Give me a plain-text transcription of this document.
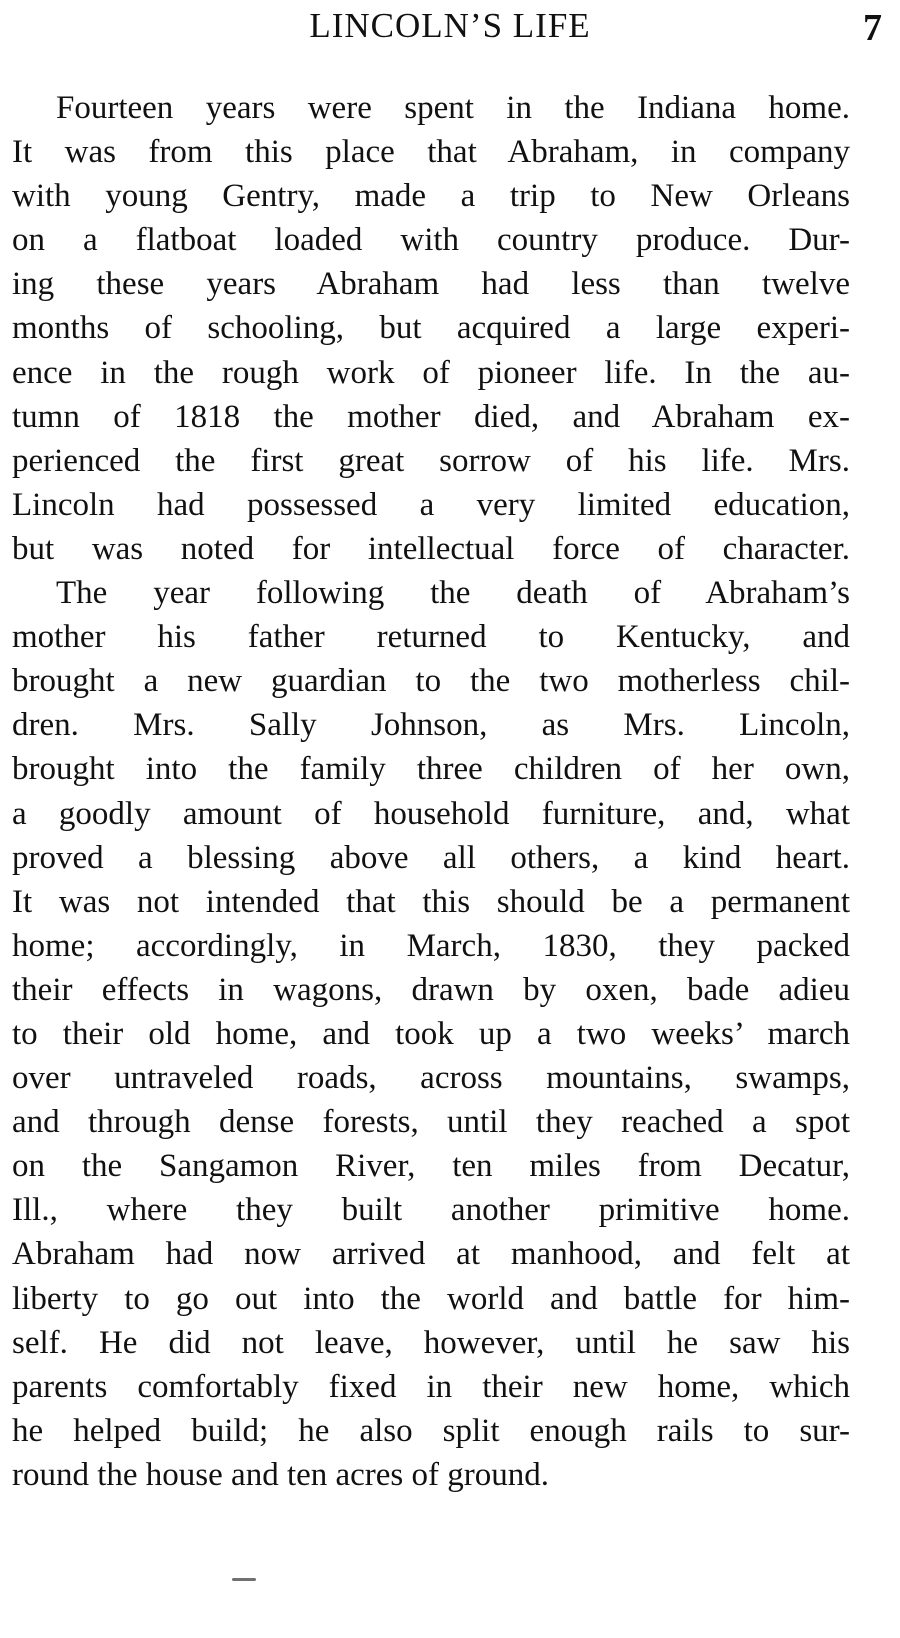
LINCOLN’S LIFE	7
Fourteen years were spent in the Indiana home.
It was from this place that Abraham, in company
with young Gentry, made a trip to New Orleans
on a flatboat loaded with country produce. Dur-
ing these years Abraham had less than twelve
months of schooling, but acquired a large experi-
ence in the rough work of pioneer life. In the au-
tumn of 1818 the mother died, and Abraham ex-
perienced the first great sorrow of his life. Mrs.
Lincoln had possessed a very limited education,
but was noted for intellectual force of character.
The year following the death of Abraham’s
mother his father returned to Kentucky, and
brought a new guardian to the two motherless chil-
dren. Mrs. Sally Johnson, as Mrs. Lincoln,
brought into the family three children of her own,
a goodly amount of household furniture, and, what
proved a blessing above all others, a kind heart.
It was not intended that this should be a permanent
home; accordingly, in March, 1830, they packed
their effects in wagons, drawn by oxen, bade adieu
to their old home, and took up a two weeks’ march
over untraveled roads, across mountains, swamps,
and through dense forests, until they reached a spot
on the Sangamon River, ten miles from Decatur,
Ill., where they built another primitive home.
Abraham had now arrived at manhood, and felt at
liberty to go out into the world and battle for him-
self. He did not leave, however, until he saw his
parents comfortably fixed in their new home, which
he helped build; he also split enough rails to sur-
round the house and ten acres of ground.
